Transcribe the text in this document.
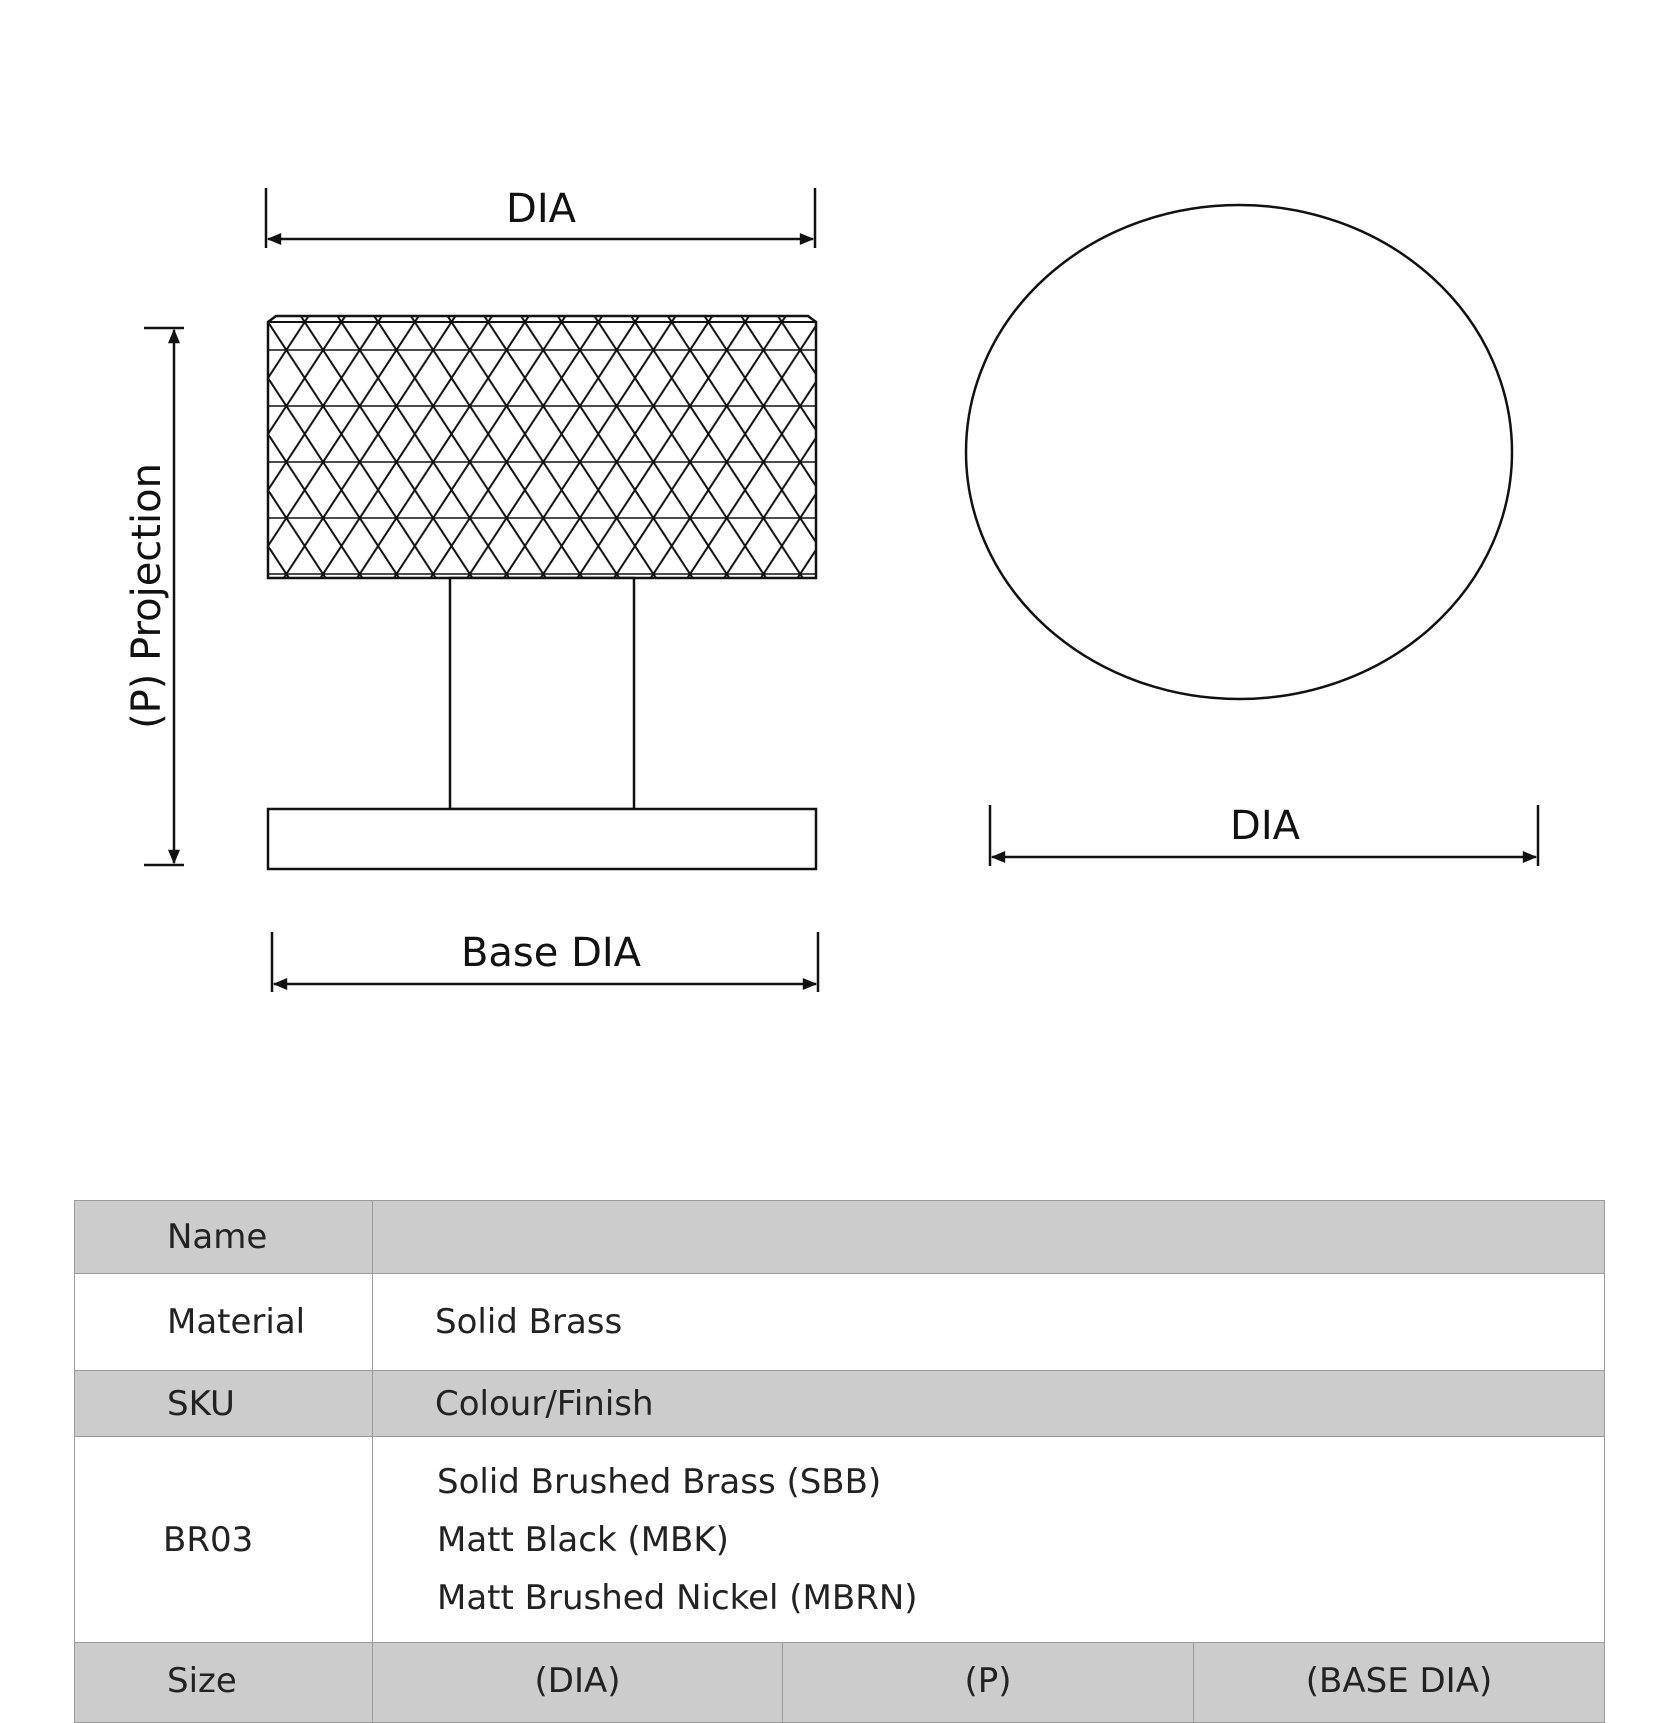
DIA
(P) Projection
Base DIA
DIA
Name			
Material	Solid Brass		
SKU	Colour/Finish		
BR03	Solid Brushed Brass (SBB)
Matt Black (MBK)
Matt Brushed Nickel (MBRN)		

Size	(DIA)	(P)	(BASE DIA)
